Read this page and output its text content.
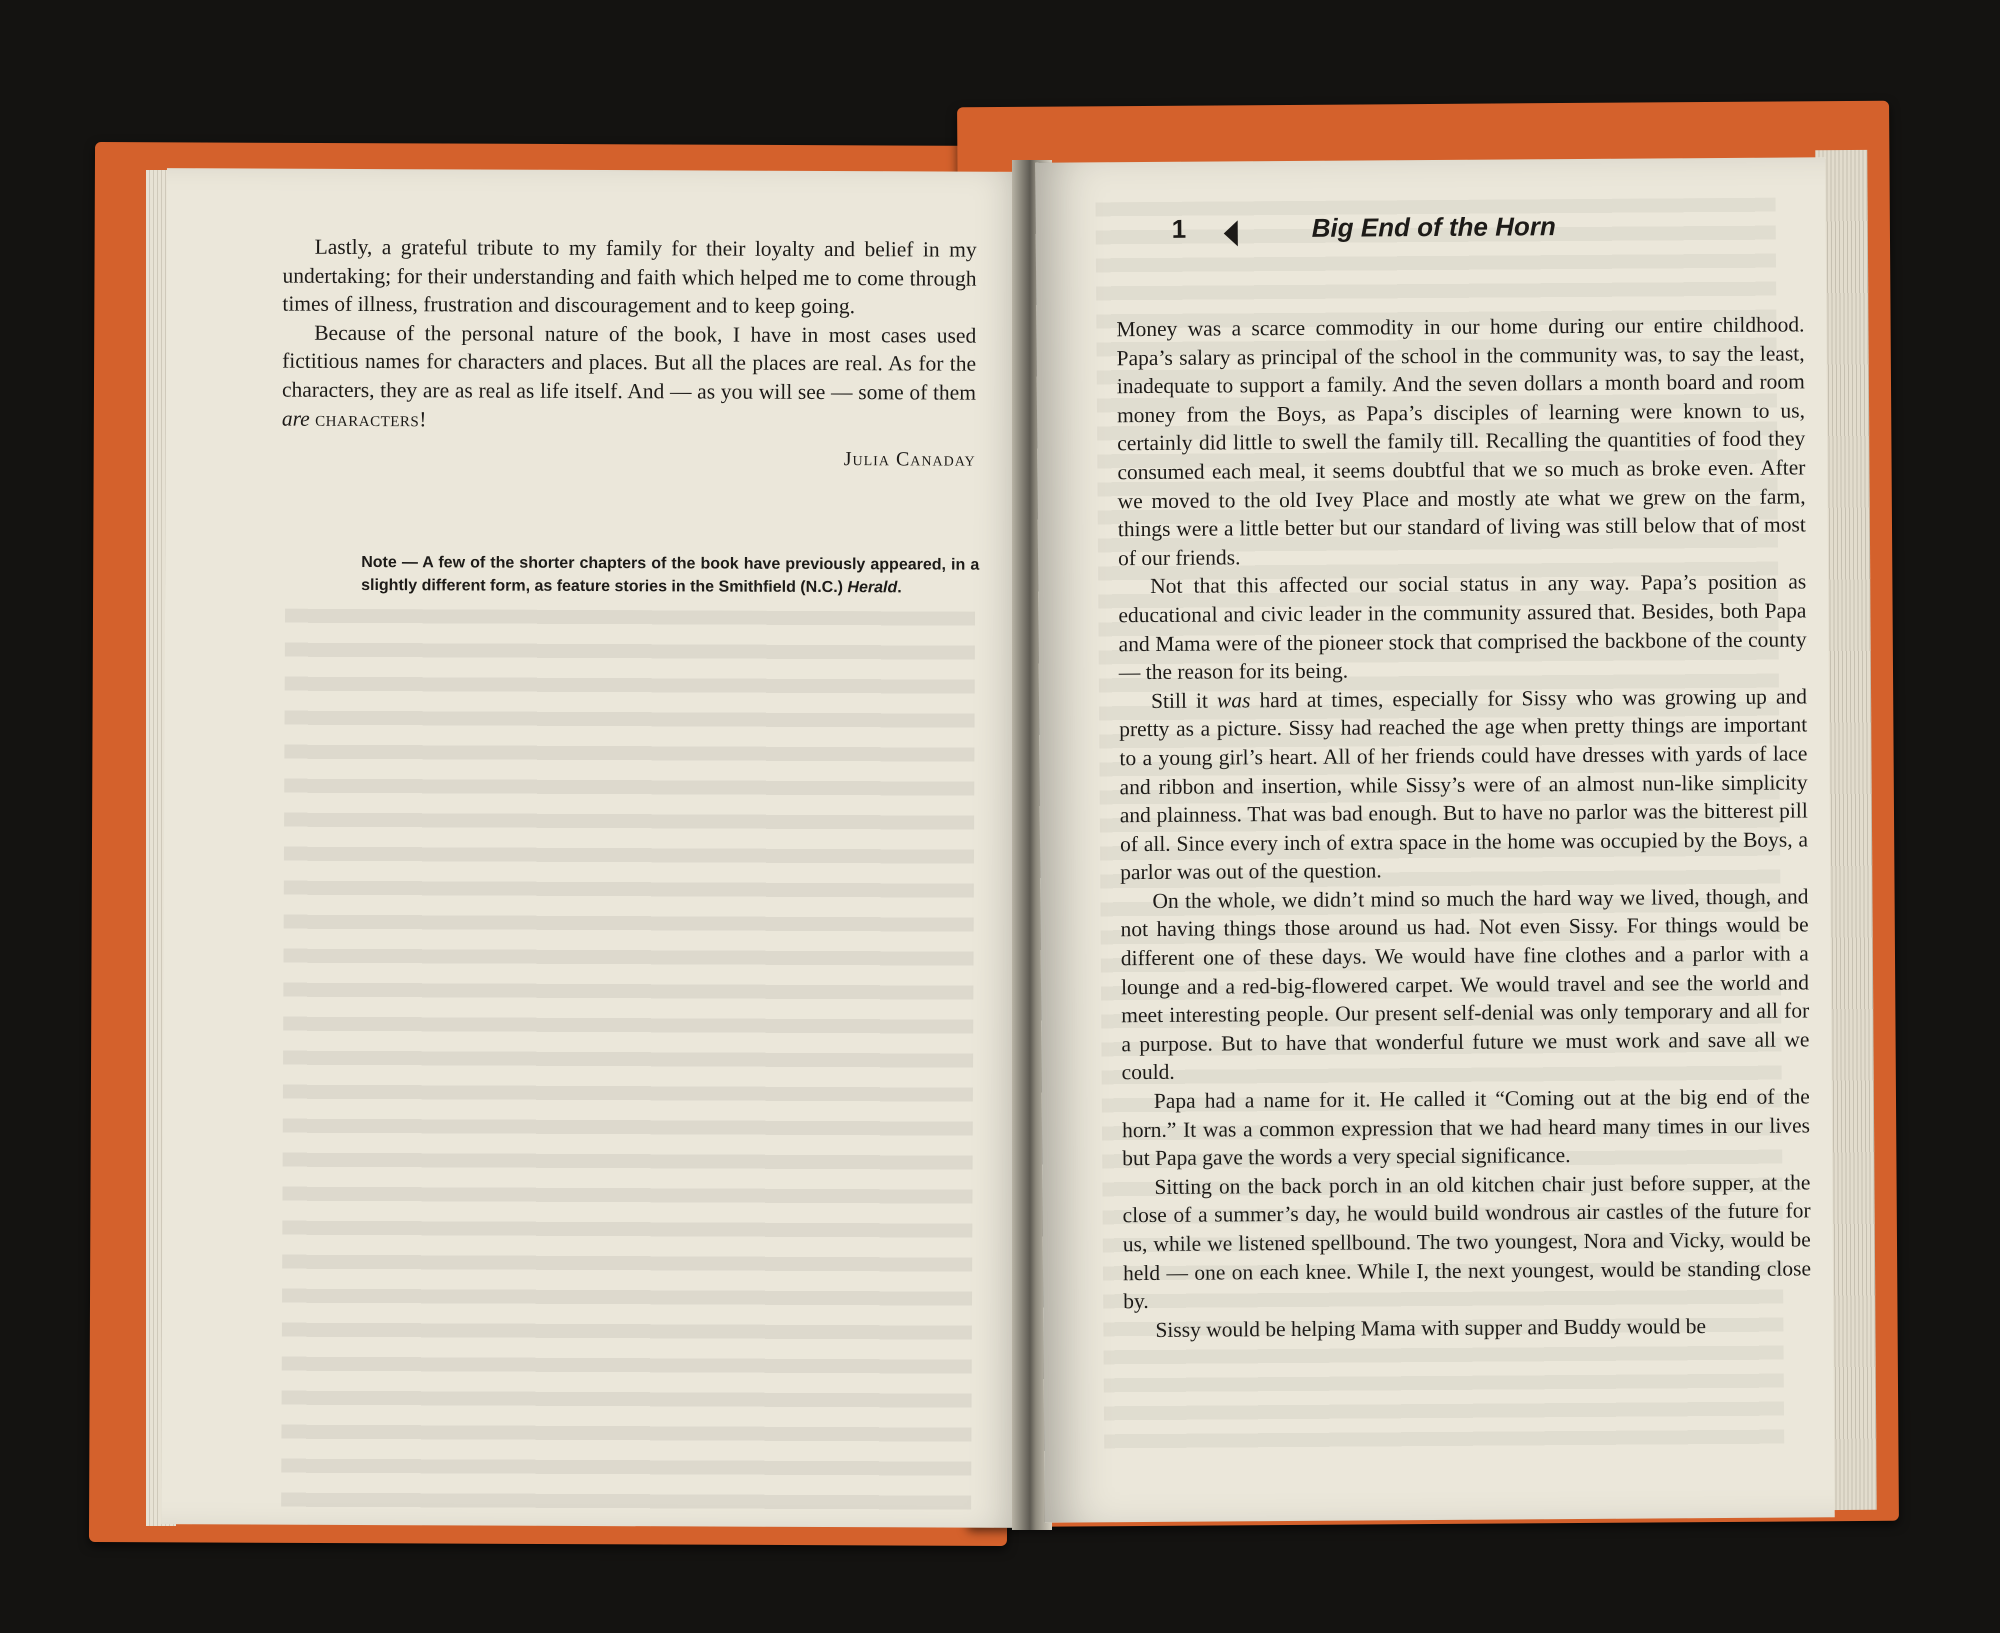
Lastly, a grateful tribute to my family for their loyalty and belief in my undertaking; for their understanding and faith which helped me to come through times of illness, frustration and discouragement and to keep going.

Because of the personal nature of the book, I have in most cases used fictitious names for characters and places. But all the places are real. As for the characters, they are as real as life itself. And — as you will see — some of them are characters!

Julia Canaday

Note — A few of the shorter chapters of the book have previously appeared, in a slightly different form, as feature stories in the Smithfield (N.C.) Herald.

1	Big End of the Horn

Money was a scarce commodity in our home during our entire childhood. Papa’s salary as principal of the school in the community was, to say the least, inadequate to support a family. And the seven dollars a month board and room money from the Boys, as Papa’s disciples of learning were known to us, certainly did little to swell the family till. Recalling the quantities of food they consumed each meal, it seems doubtful that we so much as broke even. After we moved to the old Ivey Place and mostly ate what we grew on the farm, things were a little better but our standard of living was still below that of most of our friends.

Not that this affected our social status in any way. Papa’s position as educational and civic leader in the community assured that. Besides, both Papa and Mama were of the pioneer stock that comprised the backbone of the county — the reason for its being.

Still it was hard at times, especially for Sissy who was growing up and pretty as a picture. Sissy had reached the age when pretty things are important to a young girl’s heart. All of her friends could have dresses with yards of lace and ribbon and insertion, while Sissy’s were of an almost nun-like simplicity and plainness. That was bad enough. But to have no parlor was the bitterest pill of all. Since every inch of extra space in the home was occupied by the Boys, a parlor was out of the question.

On the whole, we didn’t mind so much the hard way we lived, though, and not having things those around us had. Not even Sissy. For things would be different one of these days. We would have fine clothes and a parlor with a lounge and a red-big-flowered carpet. We would travel and see the world and meet interesting people. Our present self-denial was only temporary and all for a purpose. But to have that wonderful future we must work and save all we could.

Papa had a name for it. He called it “Coming out at the big end of the horn.” It was a common expression that we had heard many times in our lives but Papa gave the words a very special significance.

Sitting on the back porch in an old kitchen chair just before supper, at the close of a summer’s day, he would build wondrous air castles of the future for us, while we listened spellbound. The two youngest, Nora and Vicky, would be held — one on each knee. While I, the next youngest, would be standing close by.

Sissy would be helping Mama with supper and Buddy would be
